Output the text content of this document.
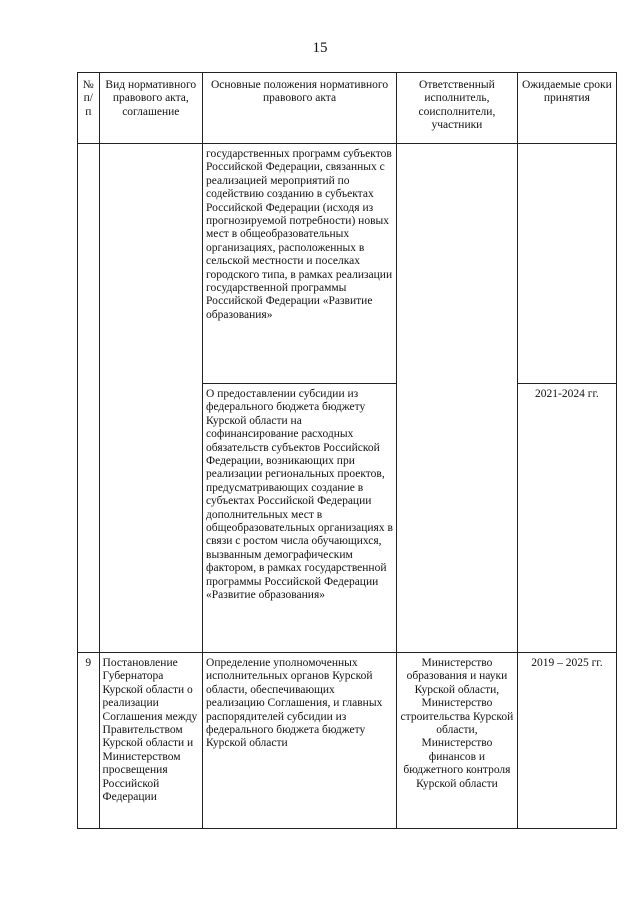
15
№ п/п	Вид нормативного правового акта, соглашение	Основные положения нормативного правового акта	Ответственный исполнитель, соисполнители, участники	Ожидаемые сроки принятия

		государственных программ субъектов Российской Федерации, связанных с реализацией мероприятий по содействию созданию в субъектах Российской Федерации (исходя из прогнозируемой потребности) новых мест в общеобразовательных организациях, расположенных в сельской местности и поселках городского типа, в рамках реализации государственной программы Российской Федерации «Развитие образования»		

		О предоставлении субсидии из федерального бюджета бюджету Курской области на софинансирование расходных обязательств субъектов Российской Федерации, возникающих при реализации региональных проектов, предусматривающих создание в субъектах Российской Федерации дополнительных мест в общеобразовательных организациях в связи с ростом числа обучающихся, вызванным демографическим фактором, в рамках государственной программы Российской Федерации «Развитие образования»		2021-2024 гг.

9	Постановление Губернатора Курской области о реализации Соглашения между Правительством Курской области и Министерством просвещения Российской Федерации	Определение уполномоченных исполнительных органов Курской области, обеспечивающих реализацию Соглашения, и главных распорядителей субсидии из федерального бюджета бюджету Курской области	Министерство образования и науки Курской области, Министерство строительства Курской области, Министерство финансов и бюджетного контроля Курской области	2019 – 2025 гг.
